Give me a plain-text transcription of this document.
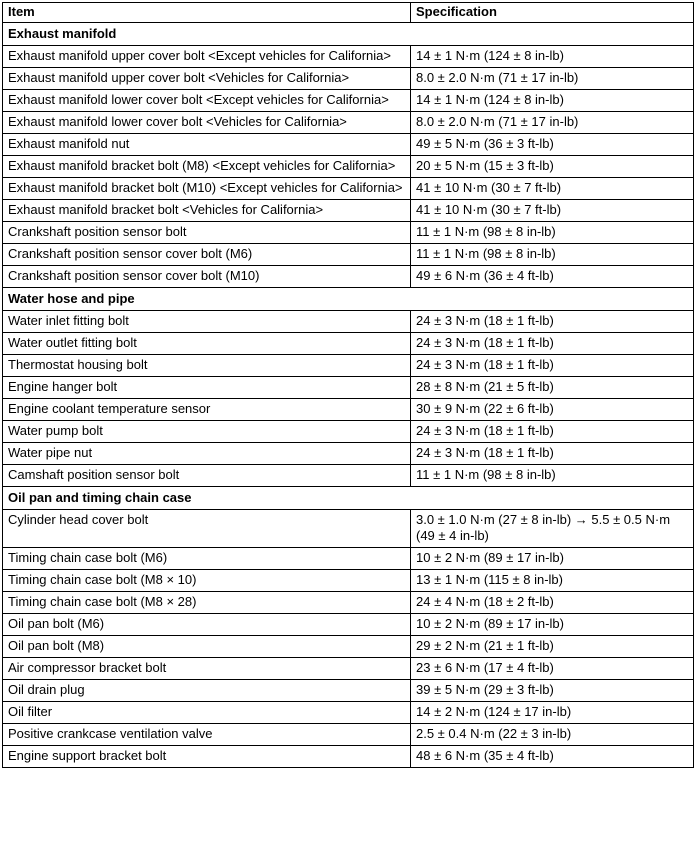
Item	Specification
Exhaust manifold	
Exhaust manifold upper cover bolt <Except vehicles for California>	14 ± 1 N·m (124 ± 8 in-lb)
Exhaust manifold upper cover bolt <Vehicles for California>	8.0 ± 2.0 N·m (71 ± 17 in-lb)
Exhaust manifold lower cover bolt <Except vehicles for California>	14 ± 1 N·m (124 ± 8 in-lb)
Exhaust manifold lower cover bolt <Vehicles for California>	8.0 ± 2.0 N·m (71 ± 17 in-lb)
Exhaust manifold nut	49 ± 5 N·m (36 ± 3 ft-lb)
Exhaust manifold bracket bolt (M8) <Except vehicles for California>	20 ± 5 N·m (15 ± 3 ft-lb)
Exhaust manifold bracket bolt (M10) <Except vehicles for California>	41 ± 10 N·m (30 ± 7 ft-lb)
Exhaust manifold bracket bolt <Vehicles for California>	41 ± 10 N·m (30 ± 7 ft-lb)
Crankshaft position sensor bolt	11 ± 1 N·m (98 ± 8 in-lb)
Crankshaft position sensor cover bolt (M6)	11 ± 1 N·m (98 ± 8 in-lb)
Crankshaft position sensor cover bolt (M10)	49 ± 6 N·m (36 ± 4 ft-lb)
Water hose and pipe	
Water inlet fitting bolt	24 ± 3 N·m (18 ± 1 ft-lb)
Water outlet fitting bolt	24 ± 3 N·m (18 ± 1 ft-lb)
Thermostat housing bolt	24 ± 3 N·m (18 ± 1 ft-lb)
Engine hanger bolt	28 ± 8 N·m (21 ± 5 ft-lb)
Engine coolant temperature sensor	30 ± 9 N·m (22 ± 6 ft-lb)
Water pump bolt	24 ± 3 N·m (18 ± 1 ft-lb)
Water pipe nut	24 ± 3 N·m (18 ± 1 ft-lb)
Camshaft position sensor bolt	11 ± 1 N·m (98 ± 8 in-lb)
Oil pan and timing chain case	
Cylinder head cover bolt	3.0 ± 1.0 N·m (27 ± 8 in-lb) → 5.5 ± 0.5 N·m (49 ± 4 in-lb)
Timing chain case bolt (M6)	10 ± 2 N·m (89 ± 17 in-lb)
Timing chain case bolt (M8 × 10)	13 ± 1 N·m (115 ± 8 in-lb)
Timing chain case bolt (M8 × 28)	24 ± 4 N·m (18 ± 2 ft-lb)
Oil pan bolt (M6)	10 ± 2 N·m (89 ± 17 in-lb)
Oil pan bolt (M8)	29 ± 2 N·m (21 ± 1 ft-lb)
Air compressor bracket bolt	23 ± 6 N·m (17 ± 4 ft-lb)
Oil drain plug	39 ± 5 N·m (29 ± 3 ft-lb)
Oil filter	14 ± 2 N·m (124 ± 17 in-lb)
Positive crankcase ventilation valve	2.5 ± 0.4 N·m (22 ± 3 in-lb)
Engine support bracket bolt	48 ± 6 N·m (35 ± 4 ft-lb)
